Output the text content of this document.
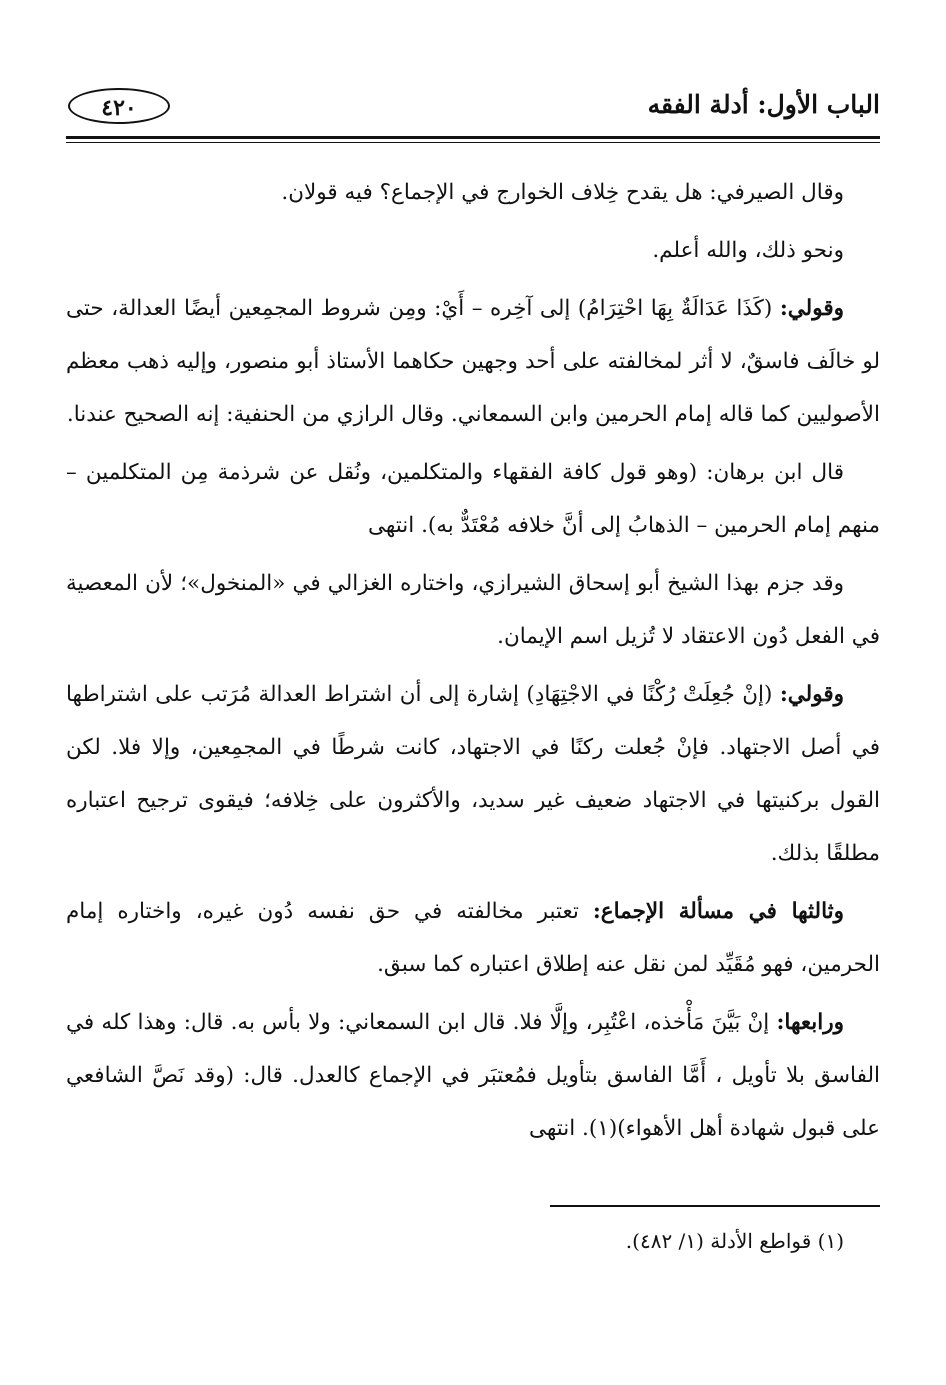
الباب الأول: أدلة الفقه
٤٢٠

وقال الصيرفي: هل يقدح خِلاف الخوارج في الإجماع؟ فيه قولان.

ونحو ذلك، والله أعلم.

وقولي: (كَذَا عَدَالَةٌ بِهَا احْتِرَامُ) إلى آخِره – أَيْ: ومِن شروط المجمِعين أيضًا العدالة، حتى لو خالَف فاسقٌ، لا أثر لمخالفته على أحد وجهين حكاهما الأستاذ أبو منصور، وإليه ذهب معظم الأصوليين كما قاله إمام الحرمين وابن السمعاني. وقال الرازي من الحنفية: إنه الصحيح عندنا.

قال ابن برهان: (وهو قول كافة الفقهاء والمتكلمين، ونُقل عن شرذمة مِن المتكلمين – منهم إمام الحرمين – الذهابُ إلى أنَّ خلافه مُعْتَدٌّ به). انتهى

وقد جزم بهذا الشيخ أبو إسحاق الشيرازي، واختاره الغزالي في «المنخول»؛ لأن المعصية في الفعل دُون الاعتقاد لا تُزيل اسم الإيمان.

وقولي: (إنْ جُعِلَتْ رُكْنًا في الاجْتِهَادِ) إشارة إلى أن اشتراط العدالة مُرَتب على اشتراطها في أصل الاجتهاد. فإنْ جُعلت ركنًا في الاجتهاد، كانت شرطًا في المجمِعين، وإلا فلا. لكن القول بركنيتها في الاجتهاد ضعيف غير سديد، والأكثرون على خِلافه؛ فيقوى ترجيح اعتباره مطلقًا بذلك.

وثالثها في مسألة الإجماع: تعتبر مخالفته في حق نفسه دُون غيره، واختاره إمام الحرمين، فهو مُقَيِّد لمن نقل عنه إطلاق اعتباره كما سبق.

ورابعها: إنْ بَيَّنَ مَأْخذه، اعْتُبِر، وإلَّا فلا. قال ابن السمعاني: ولا بأس به. قال: وهذا كله في الفاسق بلا تأويل ، أَمَّا الفاسق بتأويل فمُعتبَر في الإجماع كالعدل. قال: (وقد نَصَّ الشافعي على قبول شهادة أهل الأهواء)(١). انتهى

(١) قواطع الأدلة (١/ ٤٨٢).
